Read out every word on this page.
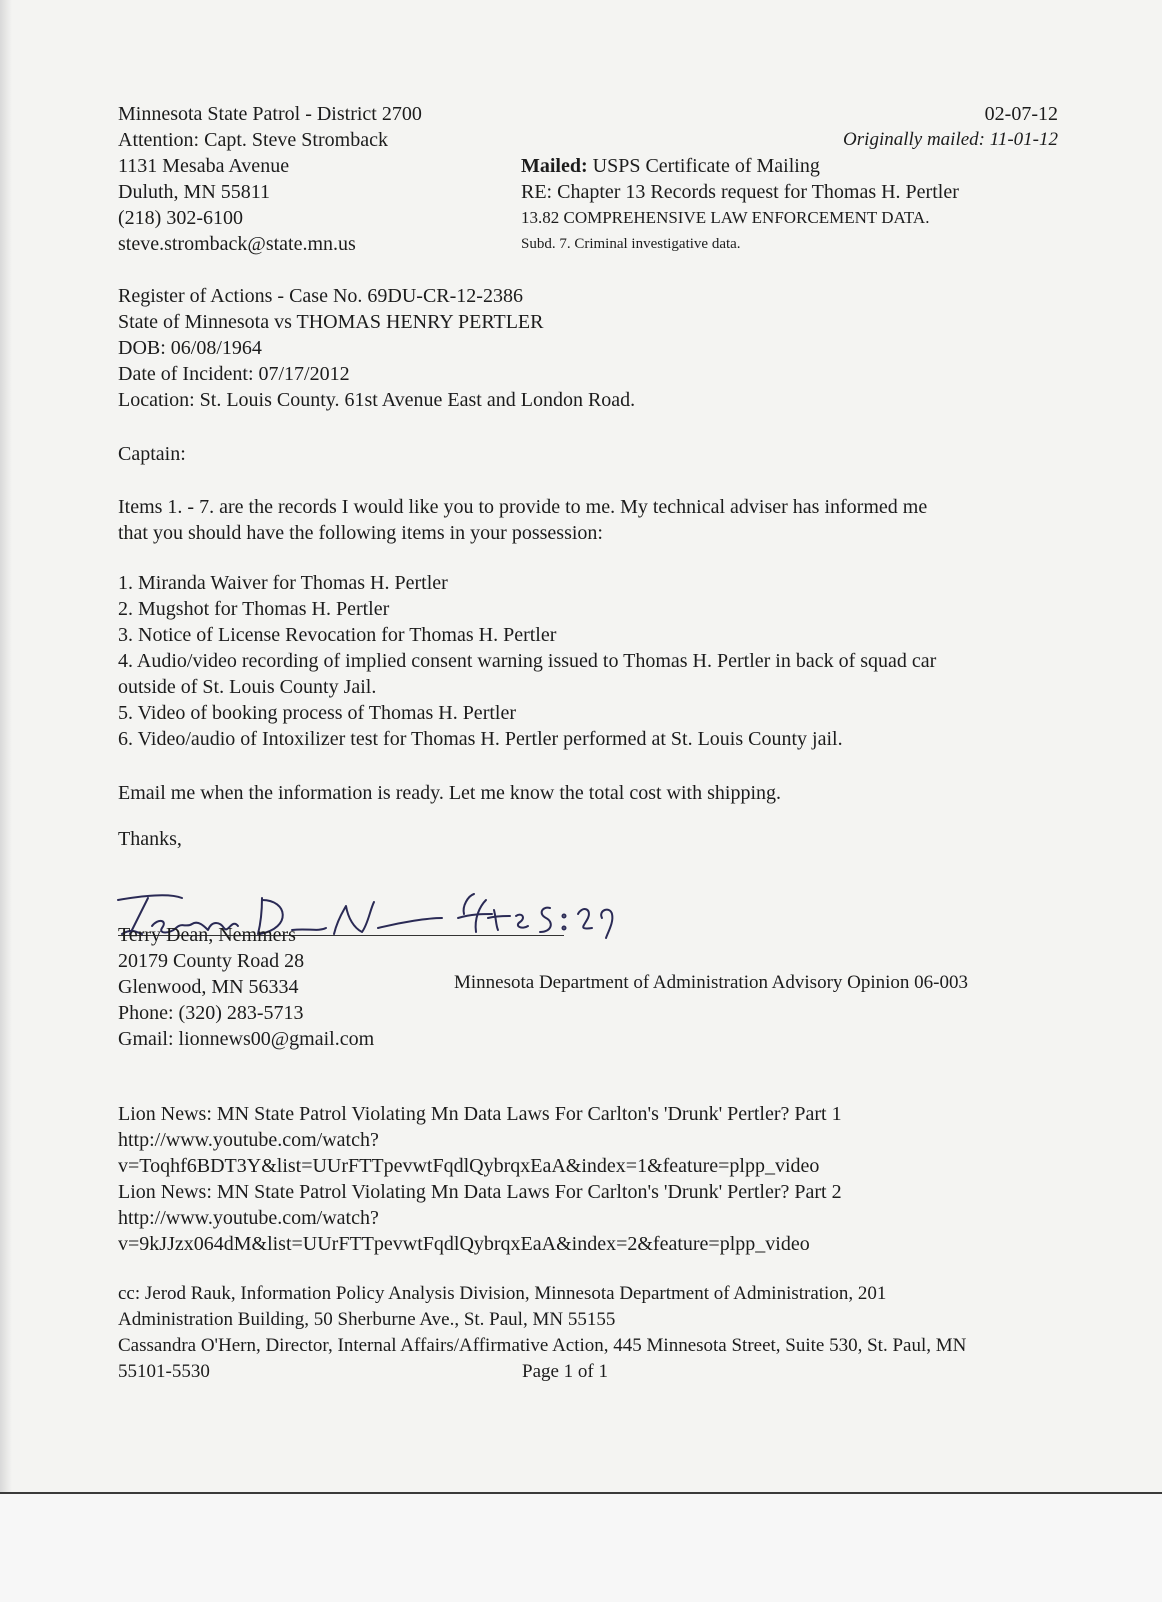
Minnesota State Patrol - District 2700
Attention: Capt. Steve Stromback
1131 Mesaba Avenue
Duluth, MN 55811
(218) 302-6100
steve.stromback@state.mn.us
02-07-12
Originally mailed: 11-01-12
Mailed: USPS Certificate of Mailing
RE: Chapter 13 Records request for Thomas H. Pertler
13.82 COMPREHENSIVE LAW ENFORCEMENT DATA.
Subd. 7. Criminal investigative data.
Register of Actions - Case No. 69DU-CR-12-2386
State of Minnesota vs THOMAS HENRY PERTLER
DOB: 06/08/1964
Date of Incident: 07/17/2012
Location: St. Louis County. 61st Avenue East and London Road.
Captain:
Items 1. - 7. are the records I would like you to provide to me. My technical adviser has informed me
that you should have the following items in your possession:
1. Miranda Waiver for Thomas H. Pertler
2. Mugshot for Thomas H. Pertler
3. Notice of License Revocation for Thomas H. Pertler
4. Audio/video recording of implied consent warning issued to Thomas H. Pertler in back of squad car
outside of St. Louis County Jail.
5. Video of booking process of Thomas H. Pertler
6. Video/audio of Intoxilizer test for Thomas H. Pertler performed at St. Louis County jail.
Email me when the information is ready. Let me know the total cost with shipping.
Thanks,
Terry Dean, Nemmers
20179 County Road 28
Glenwood, MN 56334
Phone: (320) 283-5713
Gmail: lionnews00@gmail.com
Minnesota Department of Administration Advisory Opinion 06-003
Lion News: MN State Patrol Violating Mn Data Laws For Carlton's 'Drunk' Pertler? Part 1
http://www.youtube.com/watch?
v=Toqhf6BDT3Y&list=UUrFTTpevwtFqdlQybrqxEaA&index=1&feature=plpp_video
Lion News: MN State Patrol Violating Mn Data Laws For Carlton's 'Drunk' Pertler? Part 2
http://www.youtube.com/watch?
v=9kJJzx064dM&list=UUrFTTpevwtFqdlQybrqxEaA&index=2&feature=plpp_video
cc: Jerod Rauk, Information Policy Analysis Division, Minnesota Department of Administration, 201
Administration Building, 50 Sherburne Ave., St. Paul, MN 55155
Cassandra O'Hern, Director, Internal Affairs/Affirmative Action, 445 Minnesota Street, Suite 530, St. Paul, MN
55101-5530	Page 1 of 1
